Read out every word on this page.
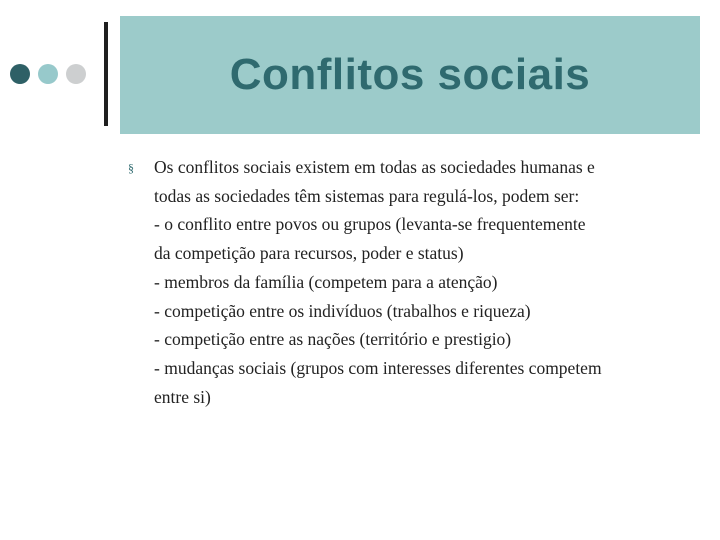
Conflitos sociais
§ Os conflitos sociais existem em todas as sociedades humanas e
todas as sociedades têm sistemas para regulá-los, podem ser:
- o conflito entre povos ou grupos (levanta-se frequentemente
da competição para recursos, poder e status)
- membros da família (competem para a atenção)
- competição entre os indivíduos (trabalhos e riqueza)
- competição entre as nações (território e prestigio)
- mudanças sociais (grupos com interesses diferentes competem
entre si)
